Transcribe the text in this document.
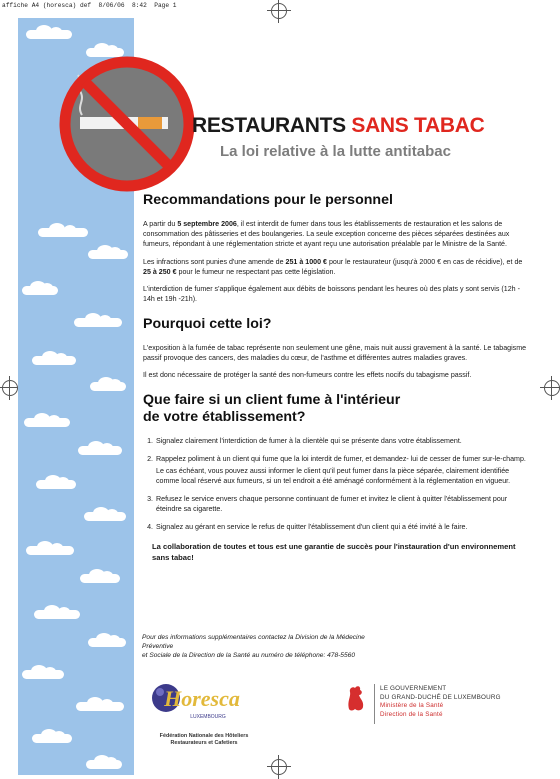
affiche A4 (horesca) def  8/06/06  8:42  Page 1
RESTAURANTS SANS TABAC
La loi relative à la lutte antitabac
Recommandations pour le personnel

A partir du 5 septembre 2006, il est interdit de fumer dans tous les établissements de restauration et les salons de consommation des pâtisseries et des boulangeries. La seule exception concerne des pièces séparées destinées aux fumeurs, répondant à une réglementation stricte et ayant reçu une autorisation préalable par le Ministre de la Santé.

Les infractions sont punies d'une amende de 251 à 1000 € pour le restaurateur (jusqu'à 2000 € en cas de récidive), et de 25 à 250 € pour le fumeur ne respectant pas cette législation.

L'interdiction de fumer s'applique également aux débits de boissons pendant les heures où des plats y sont servis (12h - 14h et 19h -21h).

Pourquoi cette loi?

L'exposition à la fumée de tabac représente non seulement une gêne, mais nuit aussi gravement à la santé. Le tabagisme passif provoque des cancers, des maladies du cœur, de l'asthme et différentes autres maladies graves.

Il est donc nécessaire de protéger la santé des non-fumeurs contre les effets nocifs du tabagisme passif.

Que faire si un client fume à l'intérieur
de votre établissement?

1. Signalez clairement l'interdiction de fumer à la clientèle qui se présente dans votre établissement.

2. Rappelez poliment à un client qui fume que la loi interdit de fumer, et demandez- lui de cesser de fumer sur-le-champ.

Le cas échéant, vous pouvez aussi informer le client qu'il peut fumer dans la pièce séparée, clairement identifiée comme local réservé aux fumeurs, si un tel endroit a été aménagé conformément à la réglementation en vigueur.

3. Refusez le service envers chaque personne continuant de fumer et invitez le client à quitter l'établissement pour éteindre sa cigarette.

4. Signalez au gérant en service le refus de quitter l'établissement d'un client qui a été invité à le faire.

La collaboration de toutes et tous est une garantie de succès pour l'instauration d'un environnement sans tabac!
Pour des informations supplémentaires contactez la Division de la Médecine Préventive
et Sociale de la Direction de la Santé au numéro de téléphone: 478-5560
Horesca
LUXEMBOURG
Fédération Nationale des Hôteliers
Restaurateurs et Cafetiers
LE GOUVERNEMENT
DU GRAND-DUCHÉ DE LUXEMBOURG
Ministère de la Santé
Direction de la Santé
